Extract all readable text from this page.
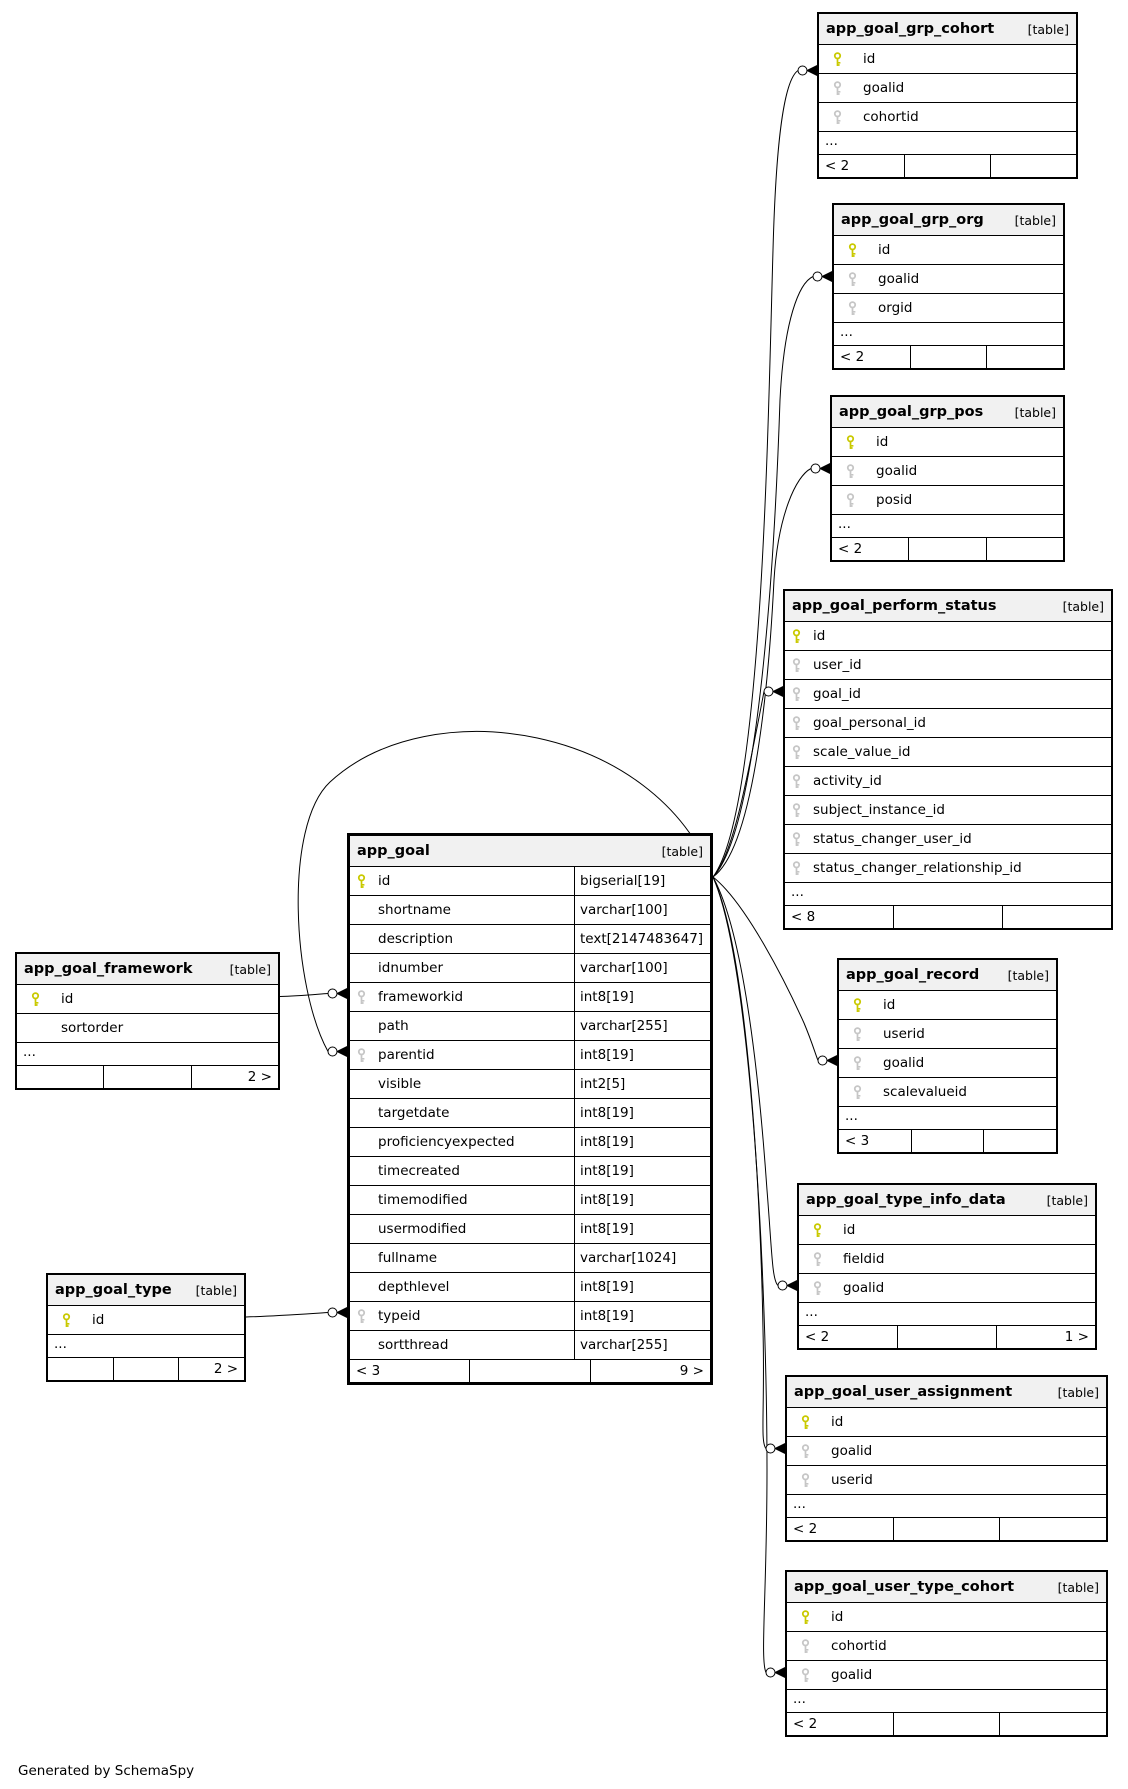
app_goal_grp_cohort	[table]
id
goalid
cohortid
...
< 2
app_goal_grp_org [table]
id
goalid
orgid
...
< 2
app_goal_grp_pos	[table]
id
goalid
posid
...
< 2
app_goal_perform_status	[table]
id
user_id
goal_id
goal_personal_id
scale_value_id
activity_id
subject_instance_id
status_changer_user_id
status_changer_relationship_id
...
< 8
app_goal_record [table]
id
userid
goalid
scalevalueid
...
< 3
app_goal_type_info_data	[table]
id
fieldid
goalid
...
< 2	1 >
app_goal_user_assignment	[table]
id
goalid
userid
...
< 2
app_goal_user_type_cohort	[table]
id
cohortid
goalid
...
< 2
app_goal	[table]
id	bigserial[19]
shortname	varchar[100]
description	text[2147483647]
idnumber	varchar[100]
frameworkid	int8[19]
path	varchar[255]
parentid	int8[19]
visible	int2[5]
targetdate	int8[19]
proficiencyexpected	int8[19]
timecreated	int8[19]
timemodified	int8[19]
usermodified	int8[19]
fullname	varchar[1024]
depthlevel	int8[19]
typeid	int8[19]
sortthread	varchar[255]
< 3	9 >
app_goal_framework	[table]
id
sortorder
...
2 >
app_goal_type [table]
id
...
2 >
Generated by SchemaSpy
